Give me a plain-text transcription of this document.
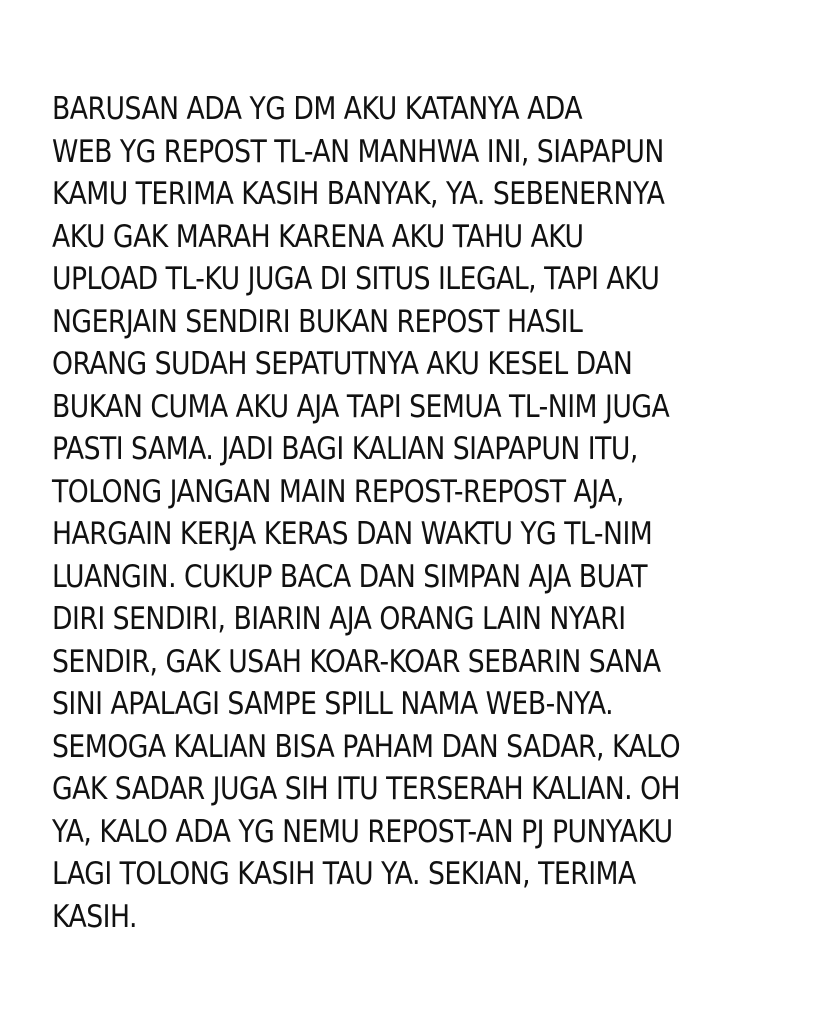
BARUSAN ADA YG DM AKU KATANYA ADA
WEB YG REPOST TL-AN MANHWA INI, SIAPAPUN
KAMU TERIMA KASIH BANYAK, YA. SEBENERNYA
AKU GAK MARAH KARENA AKU TAHU AKU
UPLOAD TL-KU JUGA DI SITUS ILEGAL, TAPI AKU
NGERJAIN SENDIRI BUKAN REPOST HASIL
ORANG SUDAH SEPATUTNYA AKU KESEL DAN
BUKAN CUMA AKU AJA TAPI SEMUA TL-NIM JUGA
PASTI SAMA. JADI BAGI KALIAN SIAPAPUN ITU,
TOLONG JANGAN MAIN REPOST-REPOST AJA,
HARGAIN KERJA KERAS DAN WAKTU YG TL-NIM
LUANGIN. CUKUP BACA DAN SIMPAN AJA BUAT
DIRI SENDIRI, BIARIN AJA ORANG LAIN NYARI
SENDIR, GAK USAH KOAR-KOAR SEBARIN SANA
SINI APALAGI SAMPE SPILL NAMA WEB-NYA.
SEMOGA KALIAN BISA PAHAM DAN SADAR, KALO
GAK SADAR JUGA SIH ITU TERSERAH KALIAN. OH
YA, KALO ADA YG NEMU REPOST-AN PJ PUNYAKU
LAGI TOLONG KASIH TAU YA. SEKIAN, TERIMA
KASIH.
